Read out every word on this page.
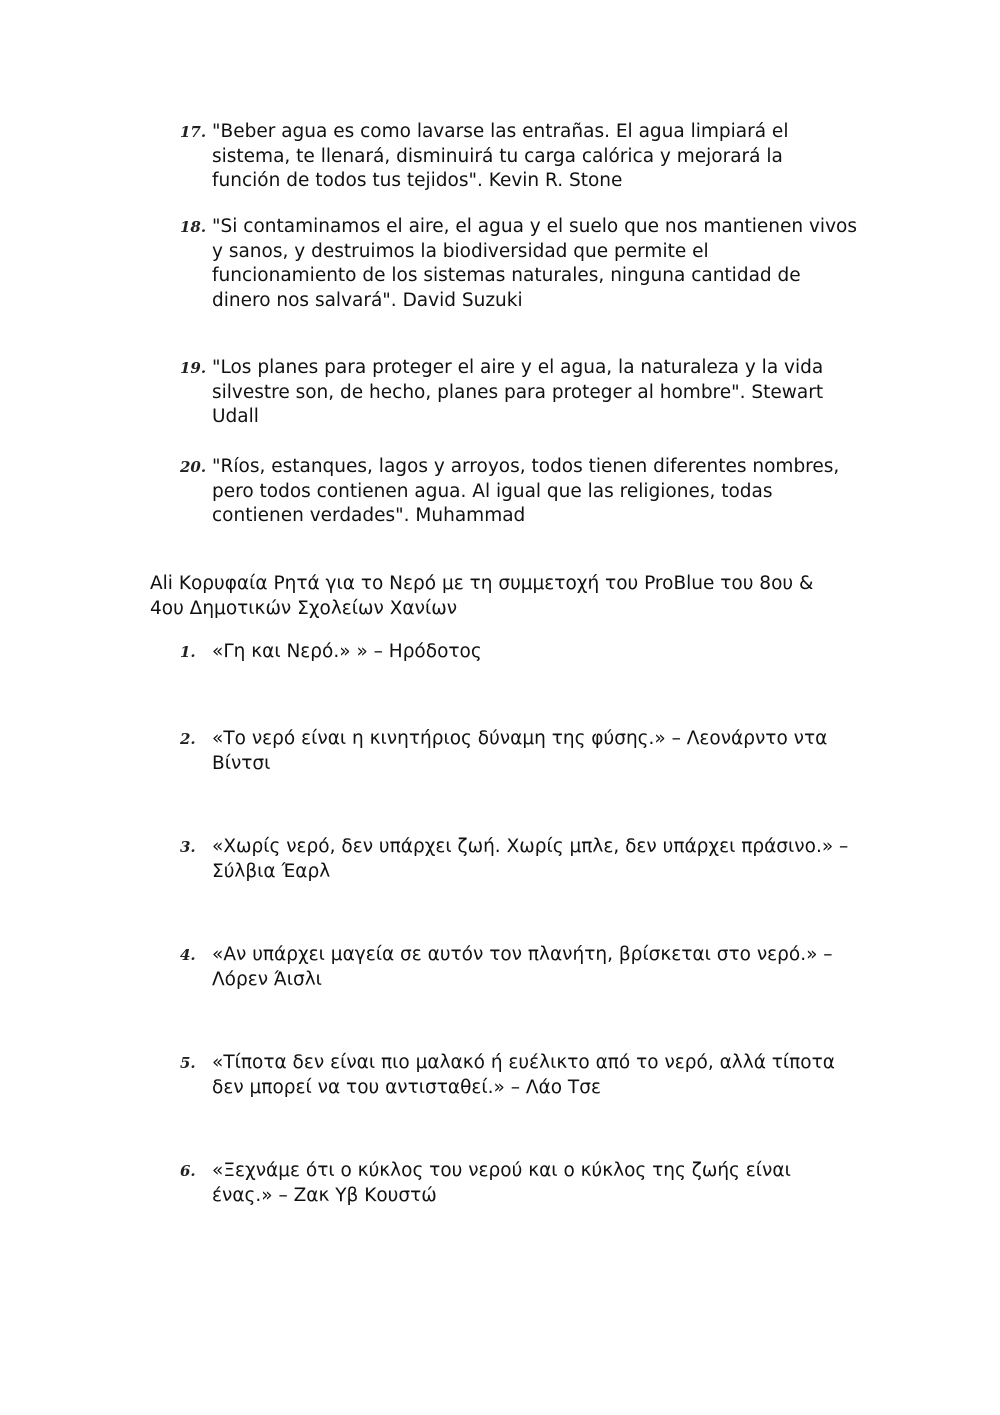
17. "Beber agua es como lavarse las entrañas. El agua limpiará el sistema, te llenará, disminuirá tu carga calórica y mejorará la función de todos tus tejidos". Kevin R. Stone
18. "Si contaminamos el aire, el agua y el suelo que nos mantienen vivos y sanos, y destruimos la biodiversidad que permite el funcionamiento de los sistemas naturales, ninguna cantidad de dinero nos salvará". David Suzuki
19. "Los planes para proteger el aire y el agua, la naturaleza y la vida silvestre son, de hecho, planes para proteger al hombre". Stewart Udall
20. "Ríos, estanques, lagos y arroyos, todos tienen diferentes nombres, pero todos contienen agua. Al igual que las religiones, todas contienen verdades". Muhammad
Ali Κορυφαία Ρητά για το Νερό με τη συμμετοχή του ProBlue του 8ου & 4ου Δημοτικών Σχολείων Χανίων
1. «Γη και Νερό.» » – Ηρόδοτος
2. «Το νερό είναι η κινητήριος δύναμη της φύσης.» – Λεονάρντο ντα Βίντσι
3. «Χωρίς νερό, δεν υπάρχει ζωή. Χωρίς μπλε, δεν υπάρχει πράσινο.» – Σύλβια Έαρλ
4. «Αν υπάρχει μαγεία σε αυτόν τον πλανήτη, βρίσκεται στο νερό.» – Λόρεν Άισλι
5. «Τίποτα δεν είναι πιο μαλακό ή ευέλικτο από το νερό, αλλά τίποτα δεν μπορεί να του αντισταθεί.» – Λάο Τσε
6. «Ξεχνάμε ότι ο κύκλος του νερού και ο κύκλος της ζωής είναι ένας.» – Ζακ Υβ Κουστώ
